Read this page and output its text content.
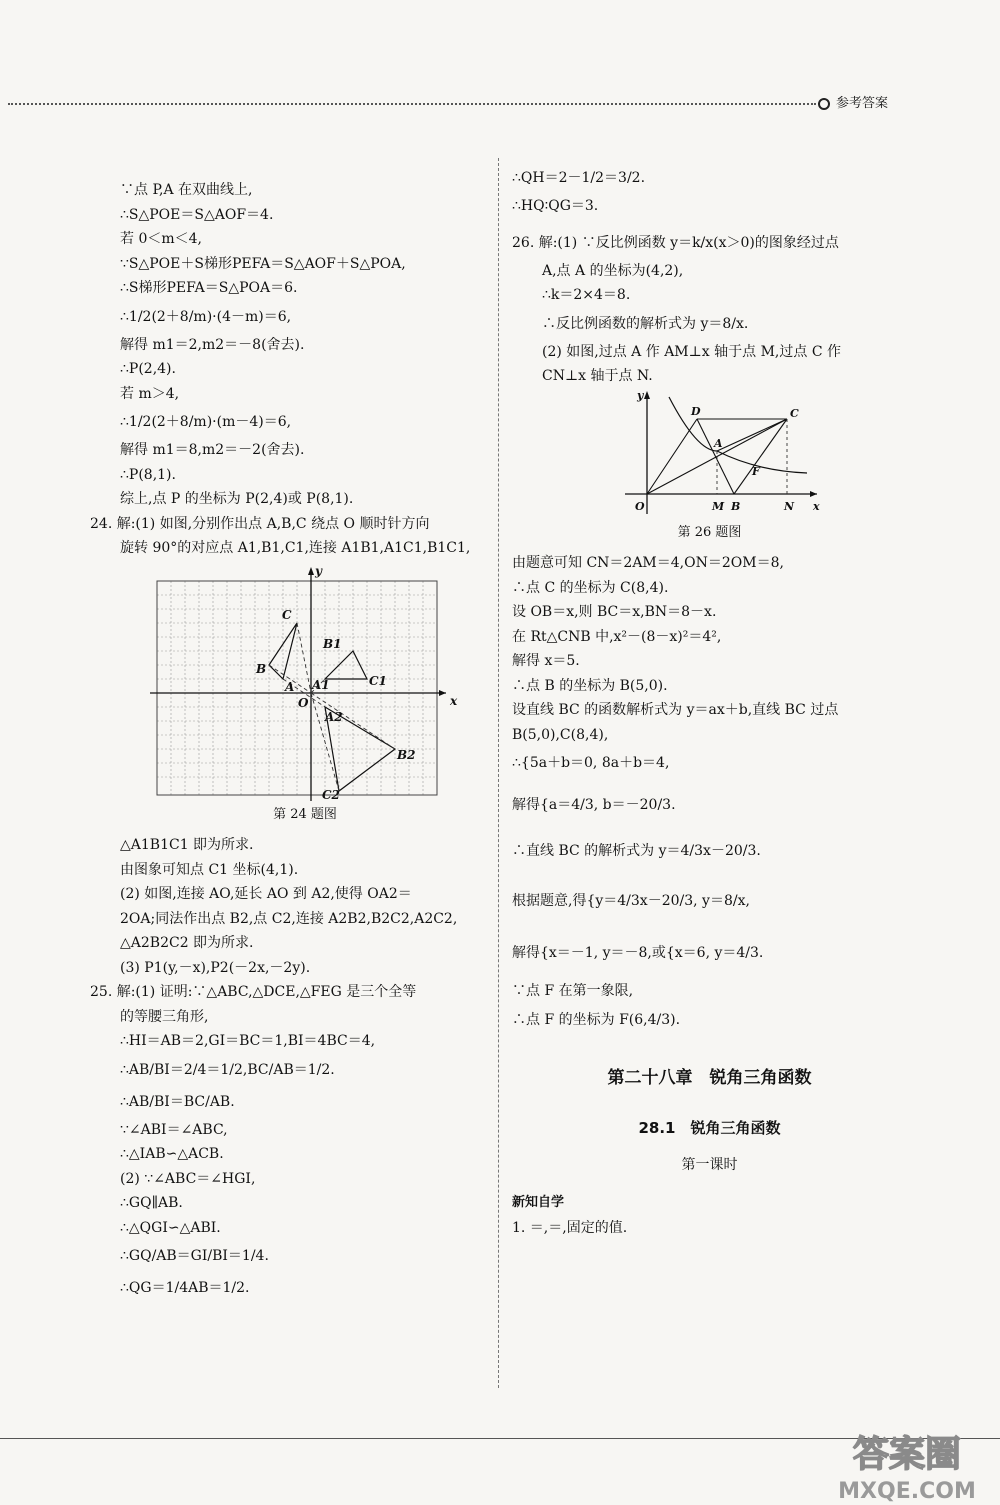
参考答案
∵点 P,A 在双曲线上,
∴S△POE＝S△AOF＝4.
若 0＜m＜4,
∵S△POE＋S梯形PEFA＝S△AOF＋S△POA,
∴S梯形PEFA＝S△POA＝6.
∴1/2(2＋8/m)·(4－m)＝6,
解得 m1＝2,m2＝－8(舍去).
∴P(2,4).
若 m＞4,
∴1/2(2＋8/m)·(m－4)＝6,
解得 m1＝8,m2＝－2(舍去).
∴P(8,1).
综上,点 P 的坐标为 P(2,4)或 P(8,1).
24. 解:(1) 如图,分别作出点 A,B,C 绕点 O 顺时针方向
旋转 90°的对应点 A1,B1,C1,连接 A1B1,A1C1,B1C1,
y
x
O
C
B
A A1
B1
C1
A2
B2
C2
第 24 题图
△A1B1C1 即为所求.
由图象可知点 C1 坐标(4,1).
(2) 如图,连接 AO,延长 AO 到 A2,使得 OA2＝
2OA;同法作出点 B2,点 C2,连接 A2B2,B2C2,A2C2,
△A2B2C2 即为所求.
(3) P1(y,－x),P2(－2x,－2y).
25. 解:(1) 证明:∵△ABC,△DCE,△FEG 是三个全等
的等腰三角形,
∴HI＝AB＝2,GI＝BC＝1,BI＝4BC＝4,
∴AB/BI＝2/4＝1/2,BC/AB＝1/2.
∴AB/BI＝BC/AB.
∵∠ABI＝∠ABC,
∴△IAB∽△ACB.
(2) ∵∠ABC＝∠HGI,
∴GQ∥AB.
∴△QGI∽△ABI.
∴GQ/AB＝GI/BI＝1/4.
∴QG＝1/4AB＝1/2.
∴QH＝2－1/2＝3/2.
∴HQ∶QG＝3.
26. 解:(1) ∵反比例函数 y＝k/x(x＞0)的图象经过点
A,点 A 的坐标为(4,2),
∴k＝2×4＝8.
∴反比例函数的解析式为 y＝8/x.
(2) 如图,过点 A 作 AM⊥x 轴于点 M,过点 C 作
CN⊥x 轴于点 N.
y
x
O	M B	N
D	C
A
F
第 26 题图
由题意可知 CN＝2AM＝4,ON＝2OM＝8,
∴点 C 的坐标为 C(8,4).
设 OB＝x,则 BC＝x,BN＝8－x.
在 Rt△CNB 中,x²－(8－x)²＝4²,
解得 x＝5.
∴点 B 的坐标为 B(5,0).
设直线 BC 的函数解析式为 y＝ax＋b,直线 BC 过点
B(5,0),C(8,4),
∴{5a＋b＝0, 8a＋b＝4,
解得{a＝4/3, b＝－20/3.
∴直线 BC 的解析式为 y＝4/3x－20/3.
根据题意,得{y＝4/3x－20/3, y＝8/x,
解得{x＝－1, y＝－8,或{x＝6, y＝4/3.
∵点 F 在第一象限,
∴点 F 的坐标为 F(6,4/3).
第二十八章　锐角三角函数
28.1　锐角三角函数
第一课时
新知自学
1. ＝,＝,固定的值.
答案圈
MXQE.COM
